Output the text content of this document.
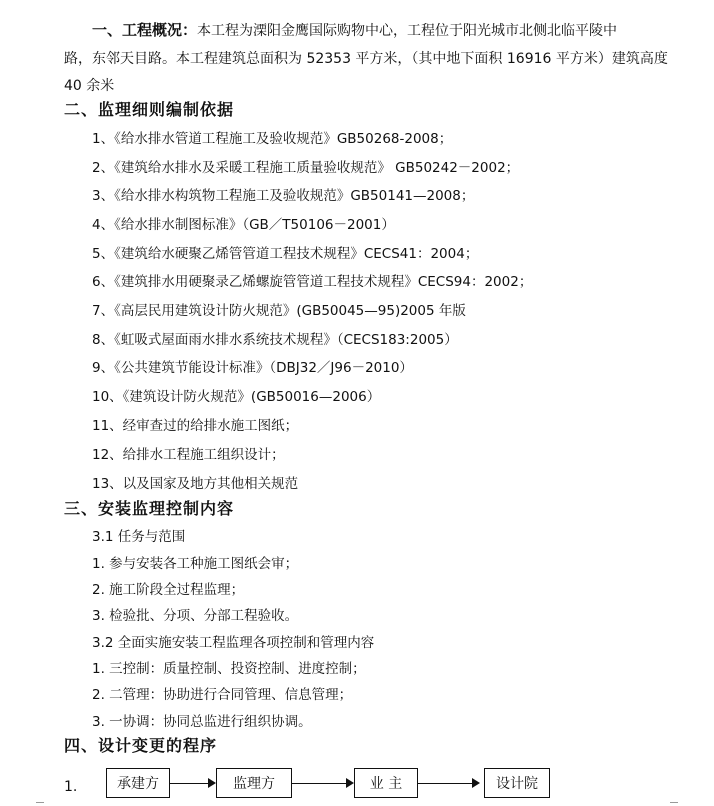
一、工程概况：本工程为溧阳金鹰国际购物中心，工程位于阳光城市北侧北临平陵中
路，东邻天目路。本工程建筑总面积为 52353 平方米，（其中地下面积 16916 平方米）建筑高度
40 余米
二、监理细则编制依据
1、《给水排水管道工程施工及验收规范》GB50268-2008；
2、《建筑给水排水及采暖工程施工质量验收规范》 GB50242－2002；
3、《给水排水构筑物工程施工及验收规范》GB50141—2008；
4、《给水排水制图标准》（GB／T50106－2001）
5、《建筑给水硬聚乙烯管管道工程技术规程》CECS41：2004；
6、《建筑排水用硬聚录乙烯螺旋管管道工程技术规程》CECS94：2002；
7、《高层民用建筑设计防火规范》(GB50045—95)2005 年版
8、《虹吸式屋面雨水排水系统技术规程》（CECS183:2005）
9、《公共建筑节能设计标准》（DBJ32／J96－2010）
10、《建筑设计防火规范》(GB50016—2006）
11、经审查过的给排水施工图纸；
12、给排水工程施工组织设计；
13、以及国家及地方其他相关规范
三、安装监理控制内容
3.1 任务与范围
1. 参与安装各工种施工图纸会审；
2. 施工阶段全过程监理；
3. 检验批、分项、分部工程验收。
3.2 全面实施安装工程监理各项控制和管理内容
1. 三控制：质量控制、投资控制、进度控制；
2. 二管理：协助进行合同管理、信息管理；
3. 一协调：协同总监进行组织协调。
四、设计变更的程序
1.	承建方	监理方	业 主	设计院
